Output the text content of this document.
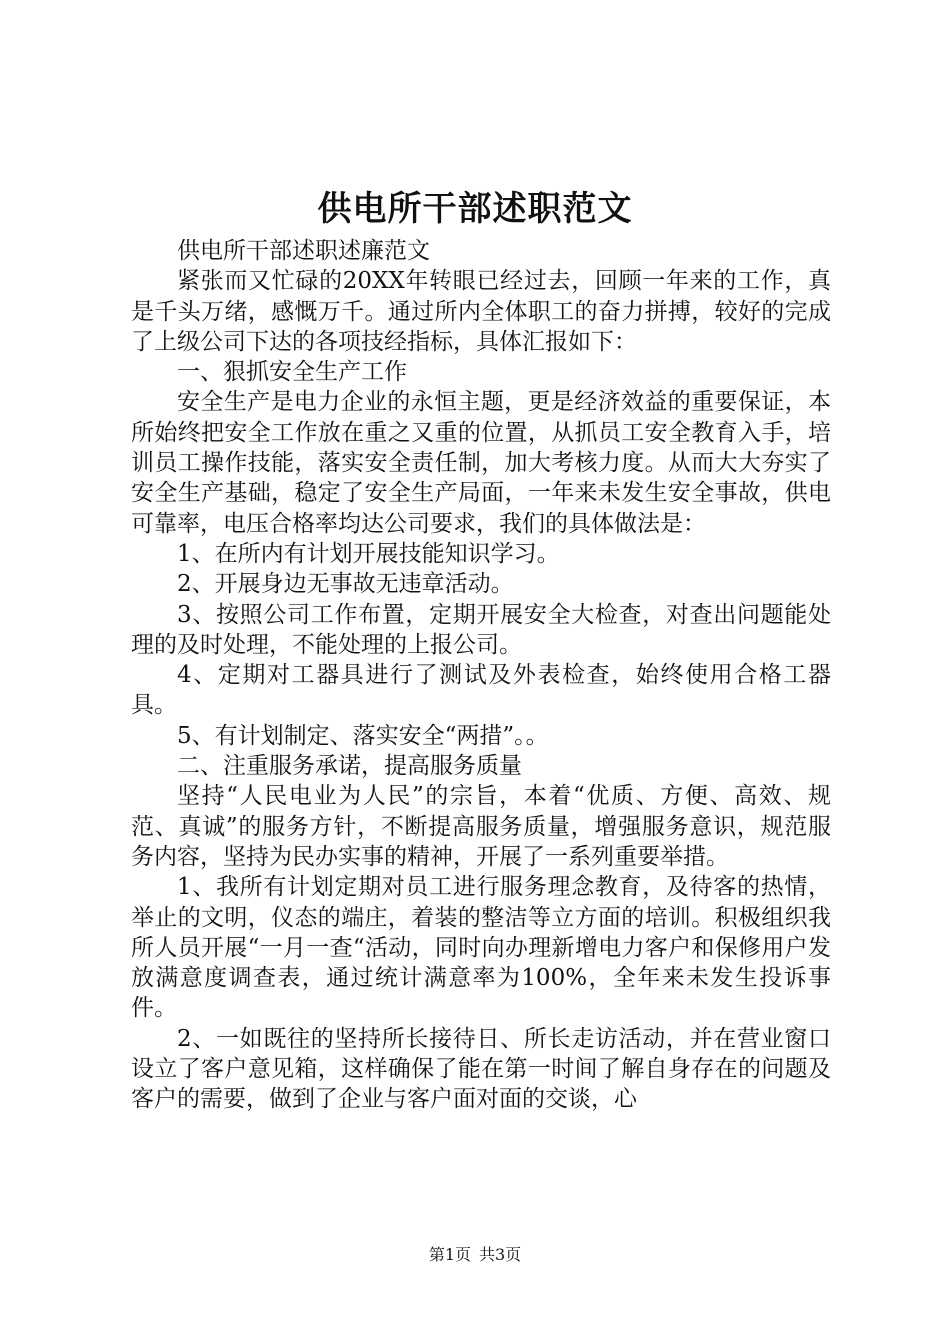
供电所干部述职范文

供电所干部述职述廉范文

紧张而又忙碌的20XX年转眼已经过去，回顾一年来的工作，真是千头万绪，感慨万千。通过所内全体职工的奋力拼搏，较好的完成了上级公司下达的各项技经指标，具体汇报如下：

一、狠抓安全生产工作

安全生产是电力企业的永恒主题，更是经济效益的重要保证，本所始终把安全工作放在重之又重的位置，从抓员工安全教育入手，培训员工操作技能，落实安全责任制，加大考核力度。从而大大夯实了安全生产基础，稳定了安全生产局面，一年来未发生安全事故，供电可靠率，电压合格率均达公司要求，我们的具体做法是：

1、在所内有计划开展技能知识学习。

2、开展身边无事故无违章活动。

3、按照公司工作布置，定期开展安全大检查，对查出问题能处理的及时处理，不能处理的上报公司。

4、定期对工器具进行了测试及外表检查，始终使用合格工器具。

5、有计划制定、落实安全“两措”。。

二、注重服务承诺，提高服务质量

坚持“人民电业为人民”的宗旨，本着“优质、方便、高效、规范、真诚”的服务方针，不断提高服务质量，增强服务意识，规范服务内容，坚持为民办实事的精神，开展了一系列重要举措。

1、我所有计划定期对员工进行服务理念教育，及待客的热情，举止的文明，仪态的端庄，着装的整洁等立方面的培训。积极组织我所人员开展“一月一查“活动，同时向办理新增电力客户和保修用户发放满意度调查表，通过统计满意率为100%，全年来未发生投诉事件。

2、一如既往的坚持所长接待日、所长走访活动，并在营业窗口设立了客户意见箱，这样确保了能在第一时间了解自身存在的问题及客户的需要，做到了企业与客户面对面的交谈，心

第1页 共3页
